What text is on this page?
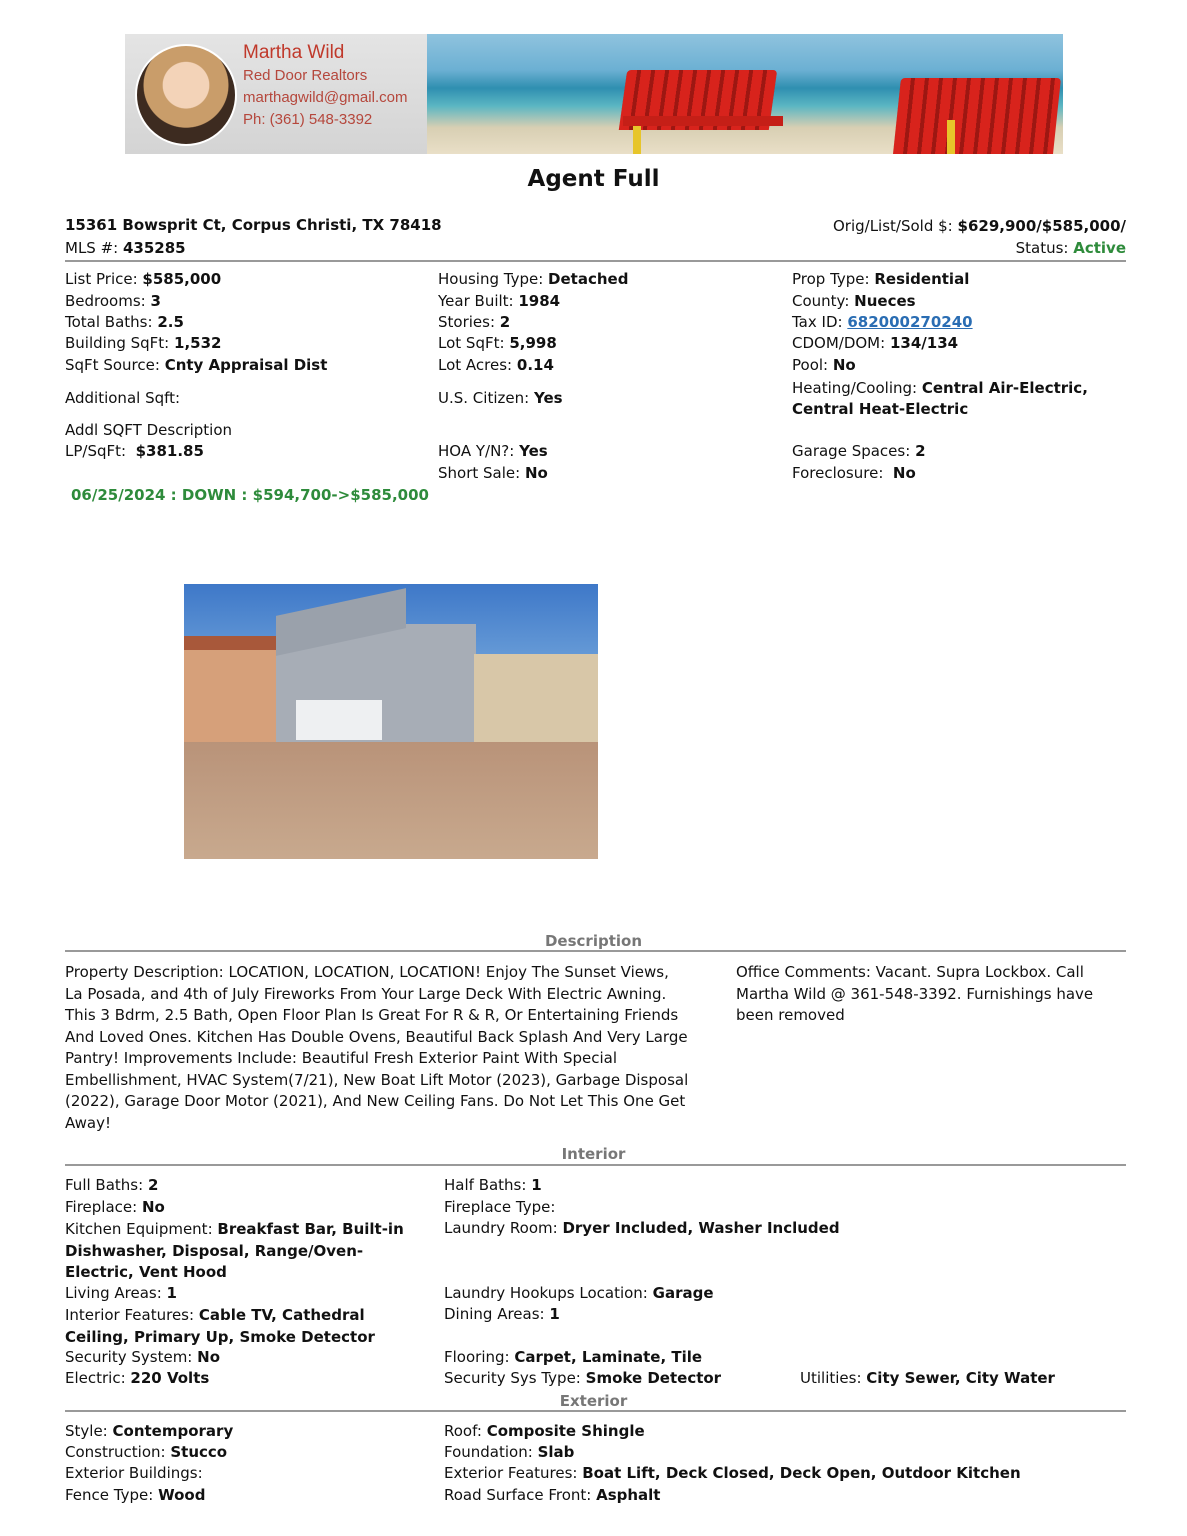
Martha Wild
Red Door Realtors
marthagwild@gmail.com
Ph: (361) 548-3392
Agent Full
15361 Bowsprit Ct, Corpus Christi, TX 78418
MLS #: 435285
Orig/List/Sold $: $629,900/$585,000/
Status: Active
List Price: $585,000
Bedrooms: 3
Total Baths: 2.5
Building SqFt: 1,532
SqFt Source: Cnty Appraisal Dist
Additional Sqft:
Addl SQFT Description
LP/SqFt: $381.85
Housing Type: Detached
Year Built: 1984
Stories: 2
Lot SqFt: 5,998
Lot Acres: 0.14
U.S. Citizen: Yes
HOA Y/N?: Yes
Short Sale: No
Prop Type: Residential
County: Nueces
Tax ID: 682000270240
CDOM/DOM: 134/134
Pool: No
Heating/Cooling: Central Air-Electric,
Central Heat-Electric
Garage Spaces: 2
Foreclosure: No
06/25/2024 : DOWN : $594,700->$585,000
Description
Property Description: LOCATION, LOCATION, LOCATION! Enjoy The Sunset Views,
La Posada, and 4th of July Fireworks From Your Large Deck With Electric Awning.
This 3 Bdrm, 2.5 Bath, Open Floor Plan Is Great For R & R, Or Entertaining Friends
And Loved Ones. Kitchen Has Double Ovens, Beautiful Back Splash And Very Large
Pantry! Improvements Include: Beautiful Fresh Exterior Paint With Special
Embellishment, HVAC System(7/21), New Boat Lift Motor (2023), Garbage Disposal
(2022), Garage Door Motor (2021), And New Ceiling Fans. Do Not Let This One Get
Away!
Office Comments: Vacant. Supra Lockbox. Call
Martha Wild @ 361-548-3392. Furnishings have
been removed
Interior
Full Baths: 2	Half Baths: 1
Fireplace: No	Fireplace Type:
Kitchen Equipment: Breakfast Bar, Built-in
Dishwasher, Disposal, Range/Oven-
Electric, Vent Hood
Laundry Room: Dryer Included, Washer Included
Living Areas: 1	Laundry Hookups Location: Garage
Interior Features: Cable TV, Cathedral
Ceiling, Primary Up, Smoke Detector
Dining Areas: 1
Security System: No	Flooring: Carpet, Laminate, Tile
Electric: 220 Volts	Security Sys Type: Smoke Detector	Utilities: City Sewer, City Water
Exterior
Style: Contemporary	Roof: Composite Shingle
Construction: Stucco	Foundation: Slab
Exterior Buildings:	Exterior Features: Boat Lift, Deck Closed, Deck Open, Outdoor Kitchen
Fence Type: Wood	Road Surface Front: Asphalt
